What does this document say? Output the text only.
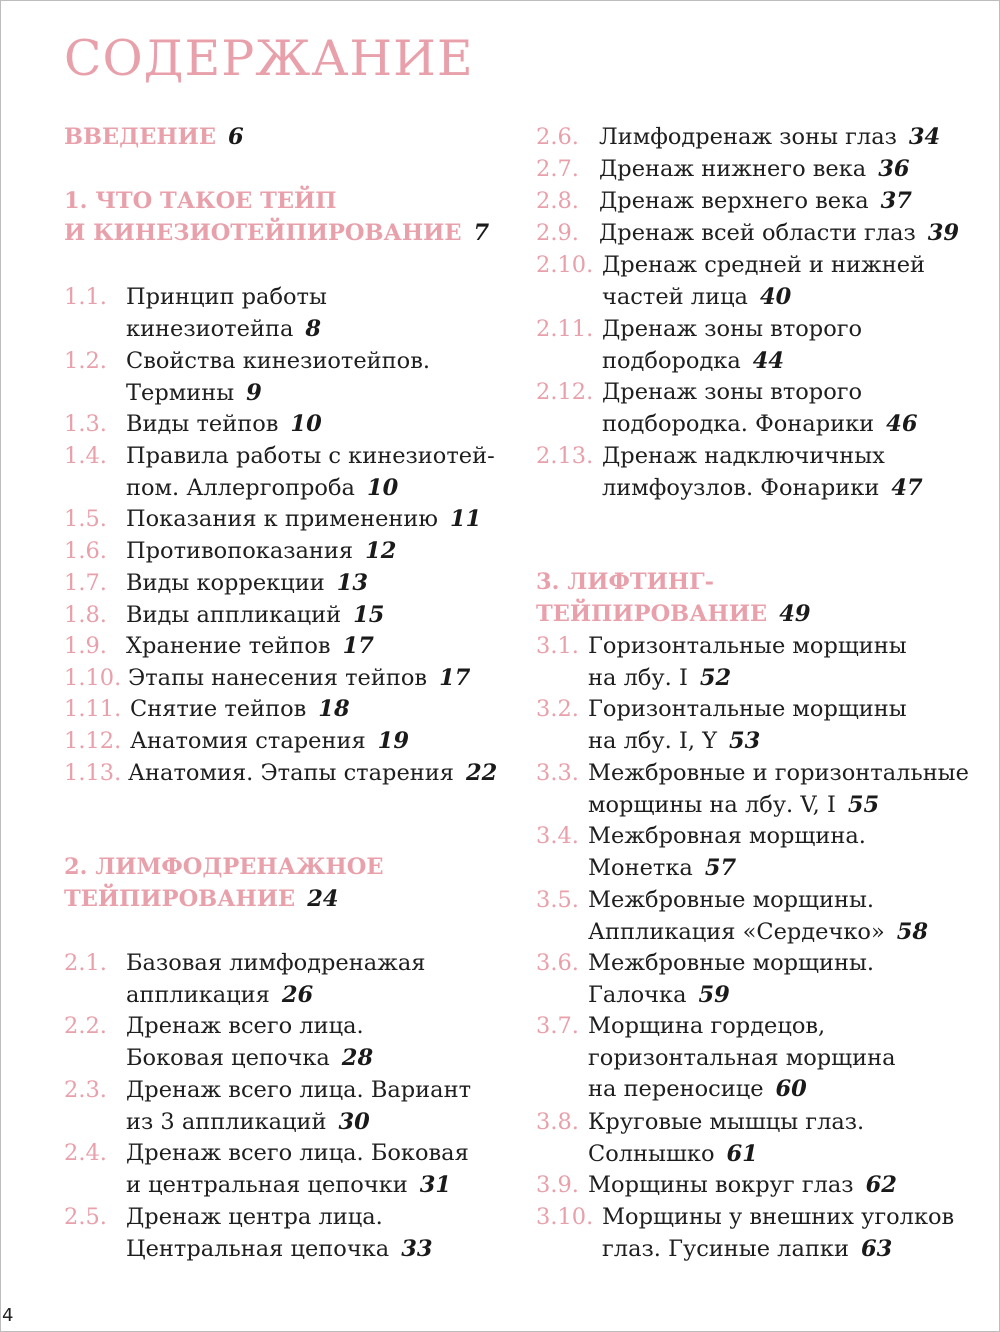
СОДЕРЖАНИЕ
ВВЕДЕНИЕ 6
1. ЧТО ТАКОЕ ТЕЙП
И КИНЕЗИОТЕЙПИРОВАНИЕ 7
1.1. Принцип работы
кинезиотейпа 8
1.2. Свойства кинезиотейпов.
Термины 9
1.3. Виды тейпов 10
1.4. Правила работы с кинезиотей-
пом. Аллергопроба 10
1.5. Показания к применению 11
1.6. Противопоказания 12
1.7. Виды коррекции 13
1.8. Виды аппликаций 15
1.9. Хранение тейпов 17
1.10. Этапы нанесения тейпов 17
1.11. Снятие тейпов 18
1.12. Анатомия старения 19
1.13. Анатомия. Этапы старения 22
2. ЛИМФОДРЕНАЖНОЕ
ТЕЙПИРОВАНИЕ 24
2.1. Базовая лимфодренажая
аппликация 26
2.2. Дренаж всего лица.
Боковая цепочка 28
2.3. Дренаж всего лица. Вариант
из 3 аппликаций 30
2.4. Дренаж всего лица. Боковая
и центральная цепочки 31
2.5. Дренаж центра лица.
Центральная цепочка 33
2.6. Лимфодренаж зоны глаз 34
2.7. Дренаж нижнего века 36
2.8. Дренаж верхнего века 37
2.9. Дренаж всей области глаз 39
2.10. Дренаж средней и нижней
частей лица 40
2.11. Дренаж зоны второго
подбородка 44
2.12. Дренаж зоны второго
подбородка. Фонарики 46
2.13. Дренаж надключичных
лимфоузлов. Фонарики 47
3. ЛИФТИНГ-ТЕЙПИРОВАНИЕ 49
3.1. Горизонтальные морщины
на лбу. I 52
3.2. Горизонтальные морщины
на лбу. I, Y 53
3.3. Межбровные и горизонтальные
морщины на лбу. V, I 55
3.4. Межбровная морщина.
Монетка 57
3.5. Межбровные морщины.
Аппликация «Сердечко» 58
3.6. Межбровные морщины.
Галочка 59
3.7. Морщина гордецов,
горизонтальная морщина
на переносице 60
3.8. Круговые мышцы глаз.
Солнышко 61
3.9. Морщины вокруг глаз 62
3.10. Морщины у внешних уголков
глаз. Гусиные лапки 63
4
